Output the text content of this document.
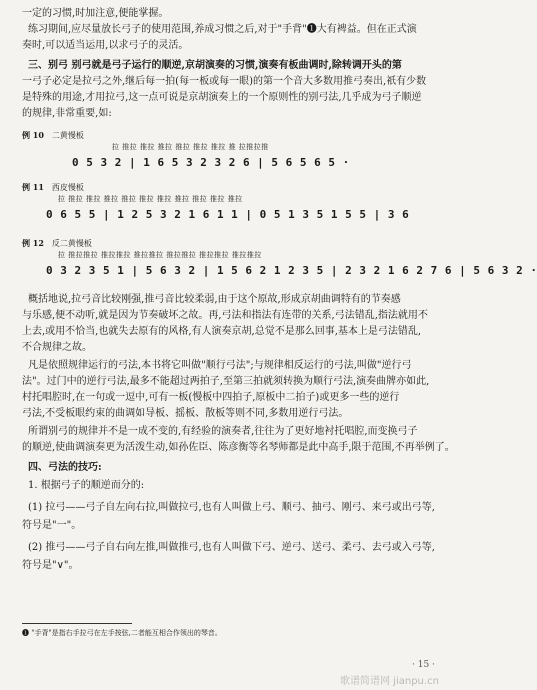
一定的习惯,时加注意,便能掌握。
练习期间,应尽量放长弓子的使用范围,养成习惯之后,对于"手背"❶大有裨益。但在正式演
奏时,可以适当运用,以求弓子的灵活。
三、别弓 别弓就是弓子运行的顺逆,京胡演奏的习惯,演奏有板曲调时,除转调开头的第
一弓子必定是拉弓之外,继后每一拍(每一板或每一眼)的第一个音大多数用推弓奏出,祇有少数
是特殊的用途,才用拉弓,这一点可说是京胡演奏上的一个原则性的别弓法,几乎成为弓子顺逆
的规律,非常重要,如:
例 10 二黄慢板
拉 推拉 推拉 推拉 推拉 推拉 推拉 推 拉推拉推
0 5 3 2 | 1 6 5 3 2 3 2 6 | 5 6 5 6 5 ·
例 11 西皮慢板
拉 推拉 推拉 推拉 推拉 推拉 推拉 推拉 推拉 推拉 推拉
0 6 5 5 | 1 2 5 3 2 1 6 1 1 | 0 5 1 3 5 1 5 5 | 3 6
例 12 反二黄慢板
拉 推拉推拉 推拉推拉 推拉推拉 推拉推拉 推拉推拉 推拉推拉
0 3 2 3 5 1 | 5 6 3 2 | 1 5 6 2 1 2 3 5 | 2 3 2 1 6 2 7 6 | 5 6 3 2 ·
概括地说,拉弓音比较刚强,推弓音比较柔弱,由于这个原故,形成京胡曲调特有的节奏感
与乐感,便不动听,就是因为节奏破坏之故。再,弓法和指法有连带的关系,弓法错乱,指法就用不
上去,或用不恰当,也就失去原有的风格,有人演奏京胡,总觉不是那么回事,基本上是弓法错乱,
不合规律之故。
凡是依照规律运行的弓法,本书将它叫做"顺行弓法";与规律相反运行的弓法,叫做"逆行弓
法"。过门中的逆行弓法,最多不能超过两拍子,至第三拍就须转换为顺行弓法,演奏曲牌亦如此,
村托唱腔时,在一句或一逗中,可有一板(慢板中四拍子,原板中二拍子)或更多一些的逆行
弓法,不受板眼约束的曲调如导板、摇板、散板等则不同,多数用逆行弓法。
所谓别弓的规律并不是一成不变的,有经验的演奏者,往往为了更好地衬托唱腔,而变换弓子
的顺逆,使曲调演奏更为活泼生动,如孙佐臣、陈彦衡等名琴师都是此中高手,限于范围,不再举例了。
四、弓法的技巧:
1. 根据弓子的顺逆而分的:
(1) 拉弓——弓子自左向右拉,叫做拉弓,也有人叫做上弓、顺弓、抽弓、刚弓、来弓或出弓等,
符号是"一"。
(2) 推弓——弓子自右向左推,叫做推弓,也有人叫做下弓、逆弓、送弓、柔弓、去弓或入弓等,
符号是"∨"。
❶ "手背"是指右手拉弓在左手按弦,二者能互相合作领出的琴音。
· 15 ·
歌谱简谱网 jianpu.cn
